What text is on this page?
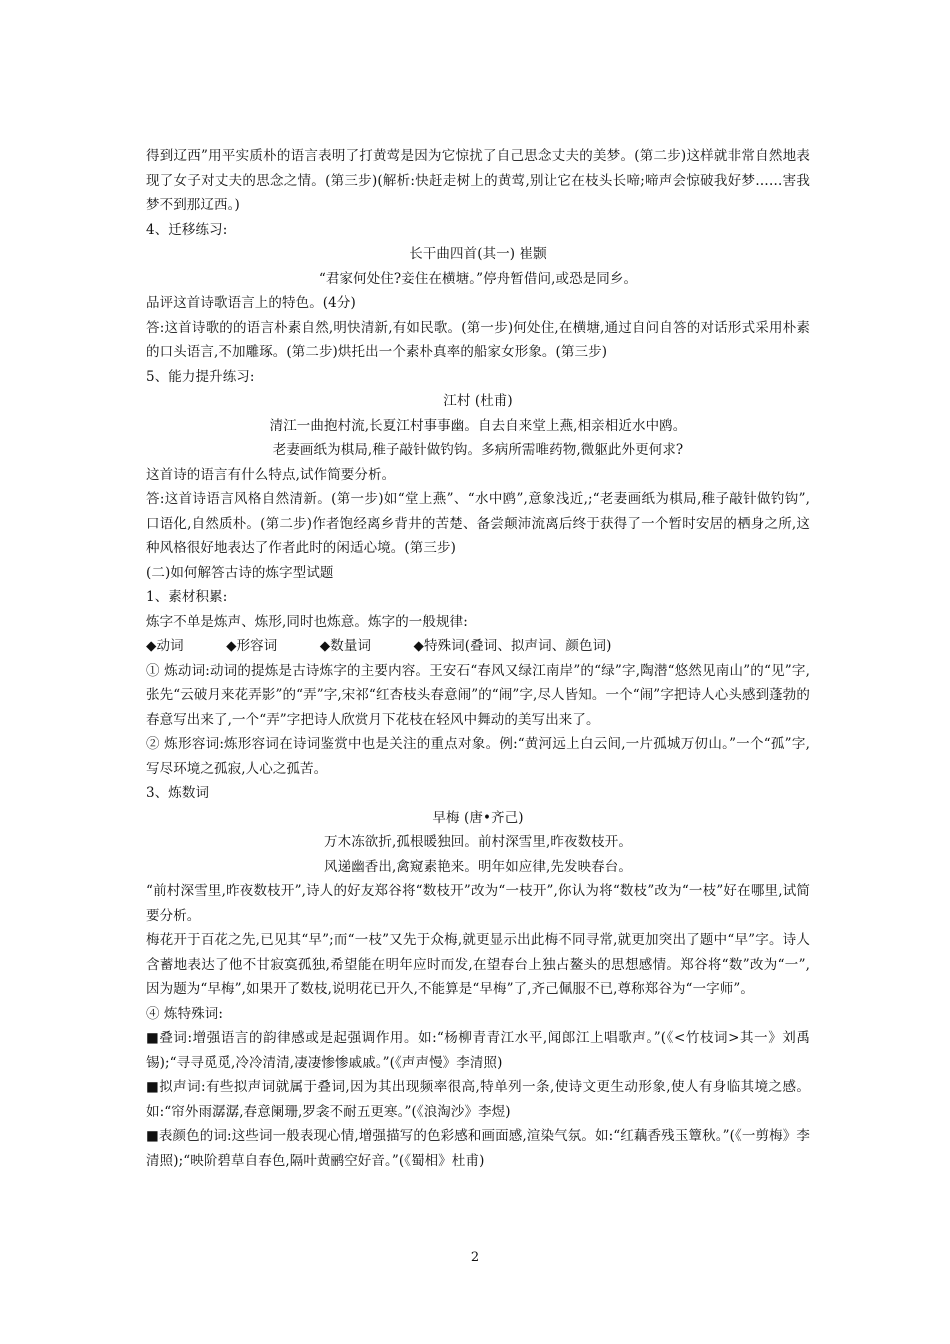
得到辽西”用平实质朴的语言表明了打黄莺是因为它惊扰了自己思念丈夫的美梦。(第二步)这样就非常自然地表现了女子对丈夫的思念之情。(第三步)(解析:快赶走树上的黄莺,别让它在枝头长啼;啼声会惊破我好梦……害我梦不到那辽西。)

4、迁移练习:

长干曲四首(其一) 崔颢

“君家何处住?妾住在横塘。”停舟暂借问,或恐是同乡。

品评这首诗歌语言上的特色。(4分)

答:这首诗歌的的语言朴素自然,明快清新,有如民歌。(第一步)何处住,在横塘,通过自问自答的对话形式采用朴素的口头语言,不加雕琢。(第二步)烘托出一个素朴真率的船家女形象。(第三步)

5、能力提升练习:

江村 (杜甫)

清江一曲抱村流,长夏江村事事幽。自去自来堂上燕,相亲相近水中鸥。

老妻画纸为棋局,稚子敲针做钓钩。多病所需唯药物,微躯此外更何求?

这首诗的语言有什么特点,试作简要分析。

答:这首诗语言风格自然清新。(第一步)如“堂上燕”、“水中鸥”,意象浅近,;“老妻画纸为棋局,稚子敲针做钓钩”,口语化,自然质朴。(第二步)作者饱经离乡背井的苦楚、备尝颠沛流离后终于获得了一个暂时安居的栖身之所,这种风格很好地表达了作者此时的闲适心境。(第三步)

(二)如何解答古诗的炼字型试题

1、素材积累:

炼字不单是炼声、炼形,同时也炼意。炼字的一般规律:

◆动词	◆形容词	◆数量词	◆特殊词(叠词、拟声词、颜色词)

① 炼动词:动词的提炼是古诗炼字的主要内容。王安石“春风又绿江南岸”的“绿”字,陶潜“悠然见南山”的“见”字,张先“云破月来花弄影”的“弄”字,宋祁“红杏枝头春意闹”的“闹”字,尽人皆知。一个“闹”字把诗人心头感到蓬勃的春意写出来了,一个“弄”字把诗人欣赏月下花枝在轻风中舞动的美写出来了。

② 炼形容词:炼形容词在诗词鉴赏中也是关注的重点对象。例:“黄河远上白云间,一片孤城万仞山。”一个“孤”字,写尽环境之孤寂,人心之孤苦。

3、炼数词

早梅 (唐•齐己)

万木冻欲折,孤根暖独回。前村深雪里,昨夜数枝开。

风递幽香出,禽窥素艳来。明年如应律,先发映春台。

“前村深雪里,昨夜数枝开”,诗人的好友郑谷将“数枝开”改为“一枝开”,你认为将“数枝”改为“一枝”好在哪里,试简要分析。

梅花开于百花之先,已见其“早”;而“一枝”又先于众梅,就更显示出此梅不同寻常,就更加突出了题中“早”字。诗人含蓄地表达了他不甘寂寞孤独,希望能在明年应时而发,在望春台上独占鳌头的思想感情。郑谷将“数”改为“一”,因为题为“早梅”,如果开了数枝,说明花已开久,不能算是“早梅”了,齐己佩服不已,尊称郑谷为“一字师”。

④ 炼特殊词:

■叠词:增强语言的韵律感或是起强调作用。如:“杨柳青青江水平,闻郎江上唱歌声。”(《<竹枝词>其一》刘禹锡);“寻寻觅觅,冷冷清清,凄凄惨惨戚戚。”(《声声慢》李清照)

■拟声词:有些拟声词就属于叠词,因为其出现频率很高,特单列一条,使诗文更生动形象,使人有身临其境之感。如:“帘外雨潺潺,春意阑珊,罗衾不耐五更寒。”(《浪淘沙》李煜)

■表颜色的词:这些词一般表现心情,增强描写的色彩感和画面感,渲染气氛。如:“红藕香残玉簟秋。”(《一剪梅》李清照);“映阶碧草自春色,隔叶黄鹂空好音。”(《蜀相》杜甫)

2
